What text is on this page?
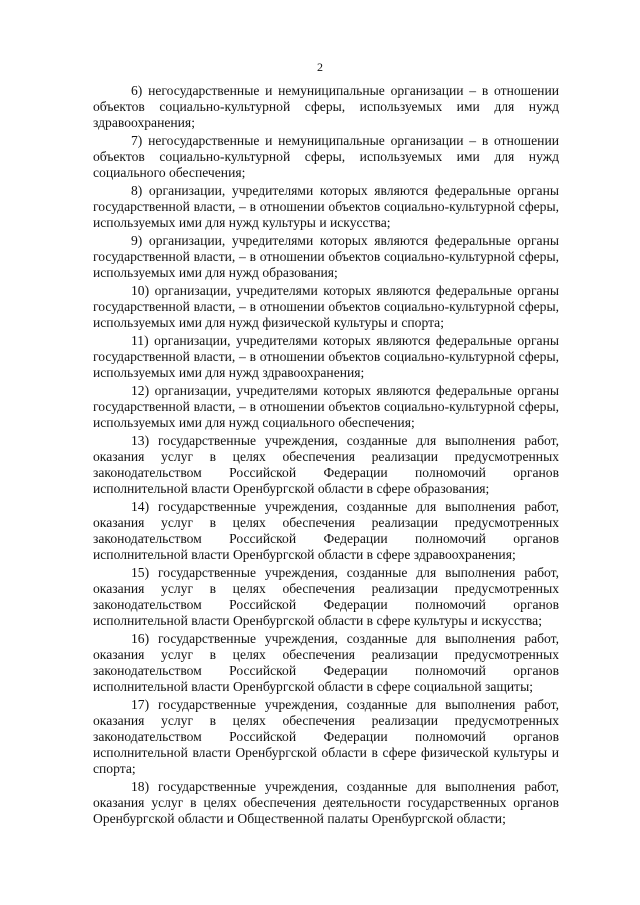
2

6) негосударственные и немуниципальные организации – в отношении объектов социально-культурной сферы, используемых ими для нужд здравоохранения;

7) негосударственные и немуниципальные организации – в отношении объектов социально-культурной сферы, используемых ими для нужд социального обеспечения;

8) организации, учредителями которых являются федеральные органы государственной власти, – в отношении объектов социально-культурной сферы, используемых ими для нужд культуры и искусства;

9) организации, учредителями которых являются федеральные органы государственной власти, – в отношении объектов социально-культурной сферы, используемых ими для нужд образования;

10) организации, учредителями которых являются федеральные органы государственной власти, – в отношении объектов социально-культурной сферы, используемых ими для нужд физической культуры и спорта;

11) организации, учредителями которых являются федеральные органы государственной власти, – в отношении объектов социально-культурной сферы, используемых ими для нужд здравоохранения;

12) организации, учредителями которых являются федеральные органы государственной власти, – в отношении объектов социально-культурной сферы, используемых ими для нужд социального обеспечения;

13) государственные учреждения, созданные для выполнения работ, оказания услуг в целях обеспечения реализации предусмотренных законодательством Российской Федерации полномочий органов исполнительной власти Оренбургской области в сфере образования;

14) государственные учреждения, созданные для выполнения работ, оказания услуг в целях обеспечения реализации предусмотренных законодательством Российской Федерации полномочий органов исполнительной власти Оренбургской области в сфере здравоохранения;

15) государственные учреждения, созданные для выполнения работ, оказания услуг в целях обеспечения реализации предусмотренных законодательством Российской Федерации полномочий органов исполнительной власти Оренбургской области в сфере культуры и искусства;

16) государственные учреждения, созданные для выполнения работ, оказания услуг в целях обеспечения реализации предусмотренных законодательством Российской Федерации полномочий органов исполнительной власти Оренбургской области в сфере социальной защиты;

17) государственные учреждения, созданные для выполнения работ, оказания услуг в целях обеспечения реализации предусмотренных законодательством Российской Федерации полномочий органов исполнительной власти Оренбургской области в сфере физической культуры и спорта;

18) государственные учреждения, созданные для выполнения работ, оказания услуг в целях обеспечения деятельности государственных органов Оренбургской области и Общественной палаты Оренбургской области;
